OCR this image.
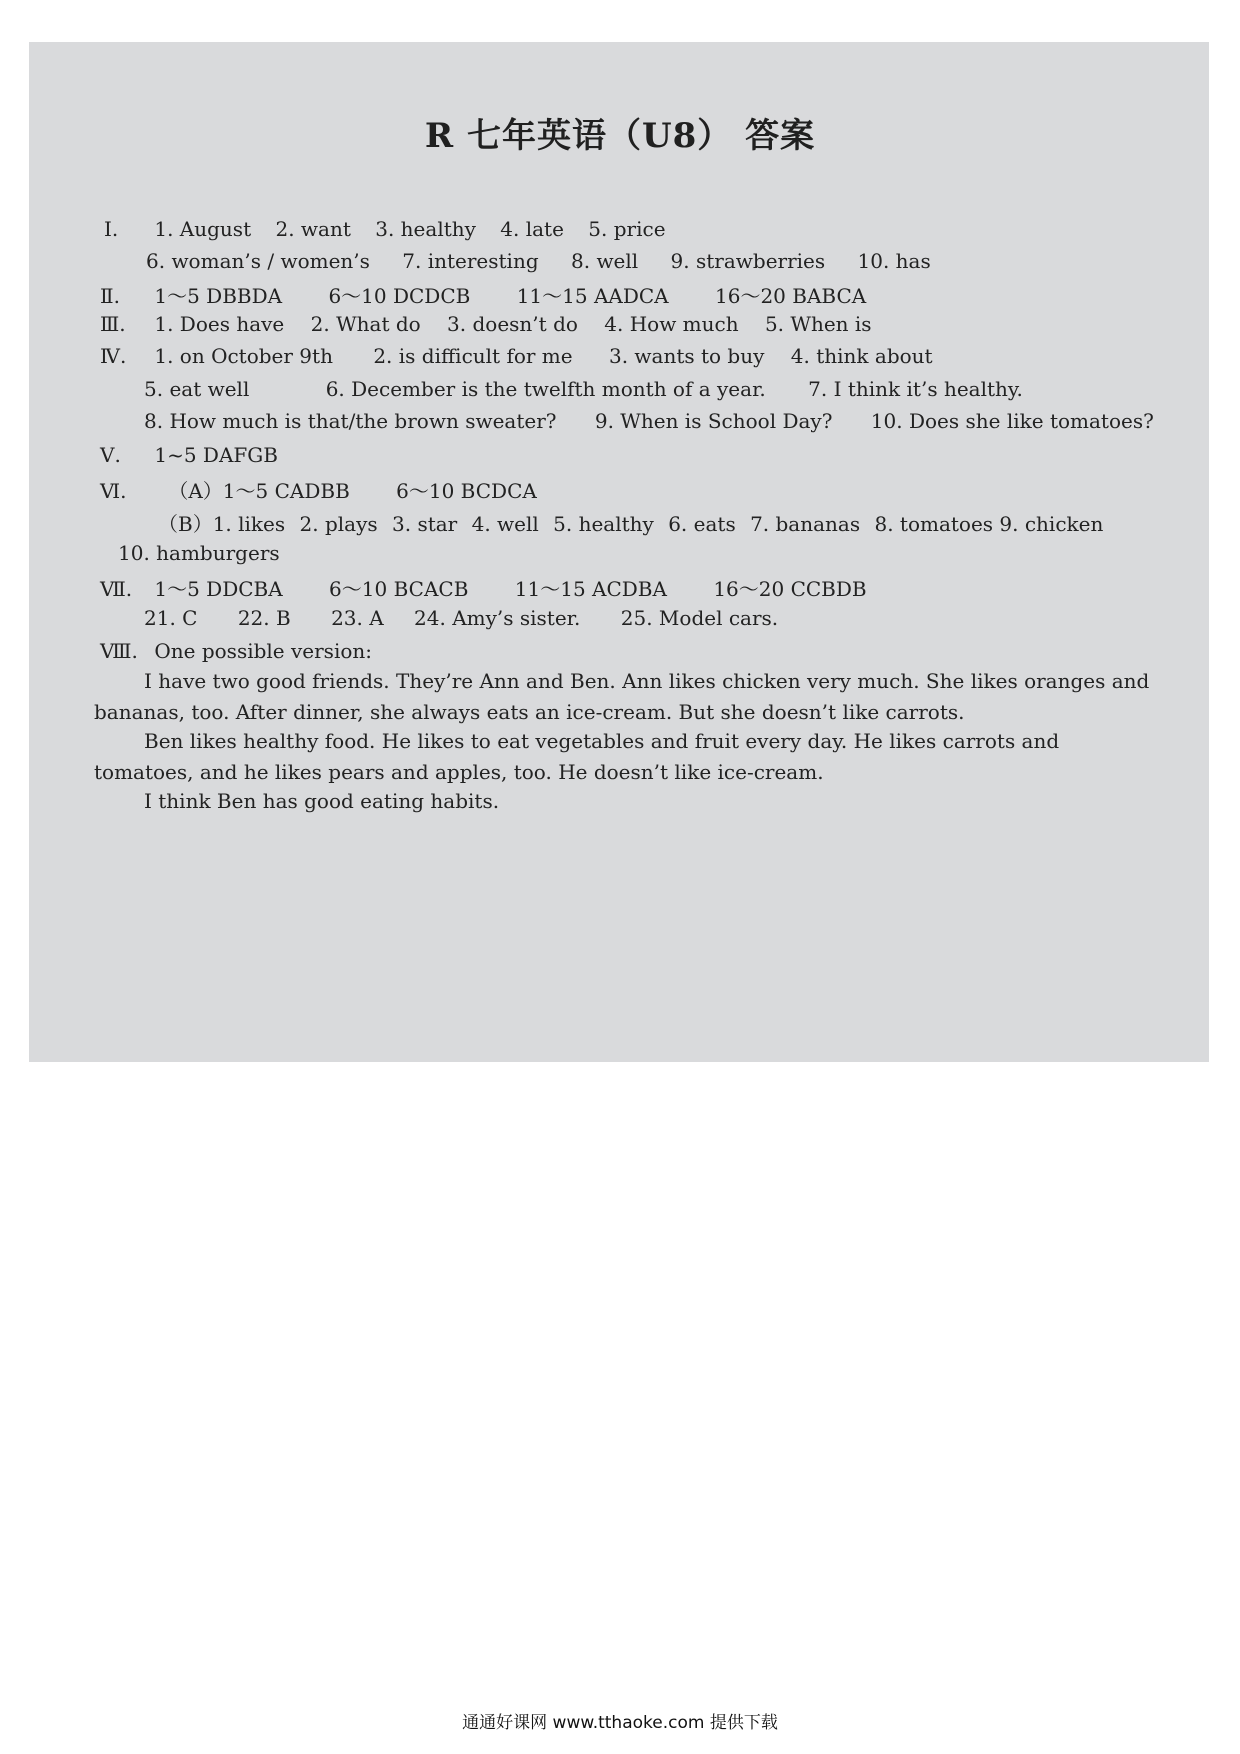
R 七年英语（U8） 答案
Ⅰ. 1. August 2. want 3. healthy 4. late 5. price
6. woman’s / women’s 7. interesting 8. well 9. strawberries 10. has
Ⅱ. 1～5 DBBDA 6～10 DCDCB 11～15 AADCA 16～20 BABCA
Ⅲ. 1. Does have 2. What do 3. doesn’t do 4. How much 5. When is
Ⅳ. 1. on October 9th 2. is difficult for me 3. wants to buy 4. think about
5. eat well	6. December is the twelfth month of a year. 7. I think it’s healthy.
8. How much is that/the brown sweater? 9. When is School Day? 10. Does she like tomatoes?
Ⅴ. 1~5 DAFGB
Ⅵ. （A）1～5 CADBB 6～10 BCDCA
（B）1. likes 2. plays 3. star 4. well 5. healthy 6. eats 7. bananas 8. tomatoes 9. chicken
10. hamburgers
Ⅶ. 1～5 DDCBA 6～10 BCACB 11～15 ACDBA 16～20 CCBDB
21. C 22. B 23. A 24. Amy’s sister. 25. Model cars.
Ⅷ. One possible version:
I have two good friends. They’re Ann and Ben. Ann likes chicken very much. She likes oranges and bananas, too. After dinner, she always eats an ice-cream. But she doesn’t like carrots.
Ben likes healthy food. He likes to eat vegetables and fruit every day. He likes carrots and tomatoes, and he likes pears and apples, too. He doesn’t like ice-cream.
I think Ben has good eating habits.
通通好课网 www.tthaoke.com 提供下载
